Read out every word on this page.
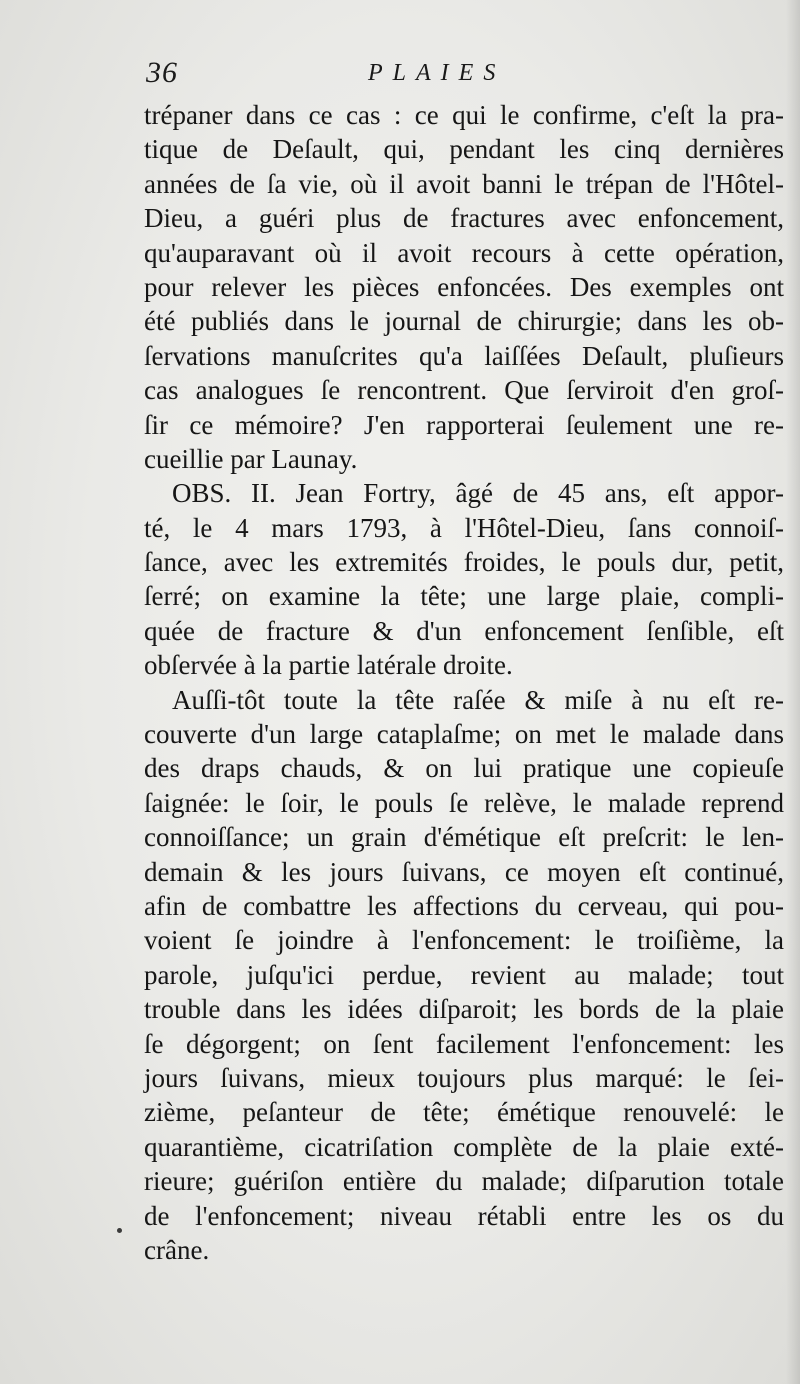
36	PLAIES
trépaner dans ce cas : ce qui le confirme, c'eſt la pra-
tique de Deſault, qui, pendant les cinq dernières
années de ſa vie, où il avoit banni le trépan de l'Hôtel-
Dieu, a guéri plus de fractures avec enfoncement,
qu'auparavant où il avoit recours à cette opération,
pour relever les pièces enfoncées. Des exemples ont
été publiés dans le journal de chirurgie; dans les ob-
ſervations manuſcrites qu'a laiſſées Deſault, pluſieurs
cas analogues ſe rencontrent. Que ſerviroit d'en groſ-
ſir ce mémoire? J'en rapporterai ſeulement une re-
cueillie par Launay.
OBS. II. Jean Fortry, âgé de 45 ans, eſt appor-
té, le 4 mars 1793, à l'Hôtel-Dieu, ſans connoiſ-
ſance, avec les extremités froides, le pouls dur, petit,
ſerré; on examine la tête; une large plaie, compli-
quée de fracture & d'un enfoncement ſenſible, eſt
obſervée à la partie latérale droite.
Auſſi-tôt toute la tête raſée & miſe à nu eſt re-
couverte d'un large cataplaſme; on met le malade dans
des draps chauds, & on lui pratique une copieuſe
ſaignée: le ſoir, le pouls ſe relève, le malade reprend
connoiſſance; un grain d'émétique eſt preſcrit: le len-
demain & les jours ſuivans, ce moyen eſt continué,
afin de combattre les affections du cerveau, qui pou-
voient ſe joindre à l'enfoncement: le troiſième, la
parole, juſqu'ici perdue, revient au malade; tout
trouble dans les idées diſparoit; les bords de la plaie
ſe dégorgent; on ſent facilement l'enfoncement: les
jours ſuivans, mieux toujours plus marqué: le ſei-
zième, peſanteur de tête; émétique renouvelé: le
quarantième, cicatriſation complète de la plaie exté-
rieure; guériſon entière du malade; diſparution totale
de l'enfoncement; niveau rétabli entre les os du
crâne.
